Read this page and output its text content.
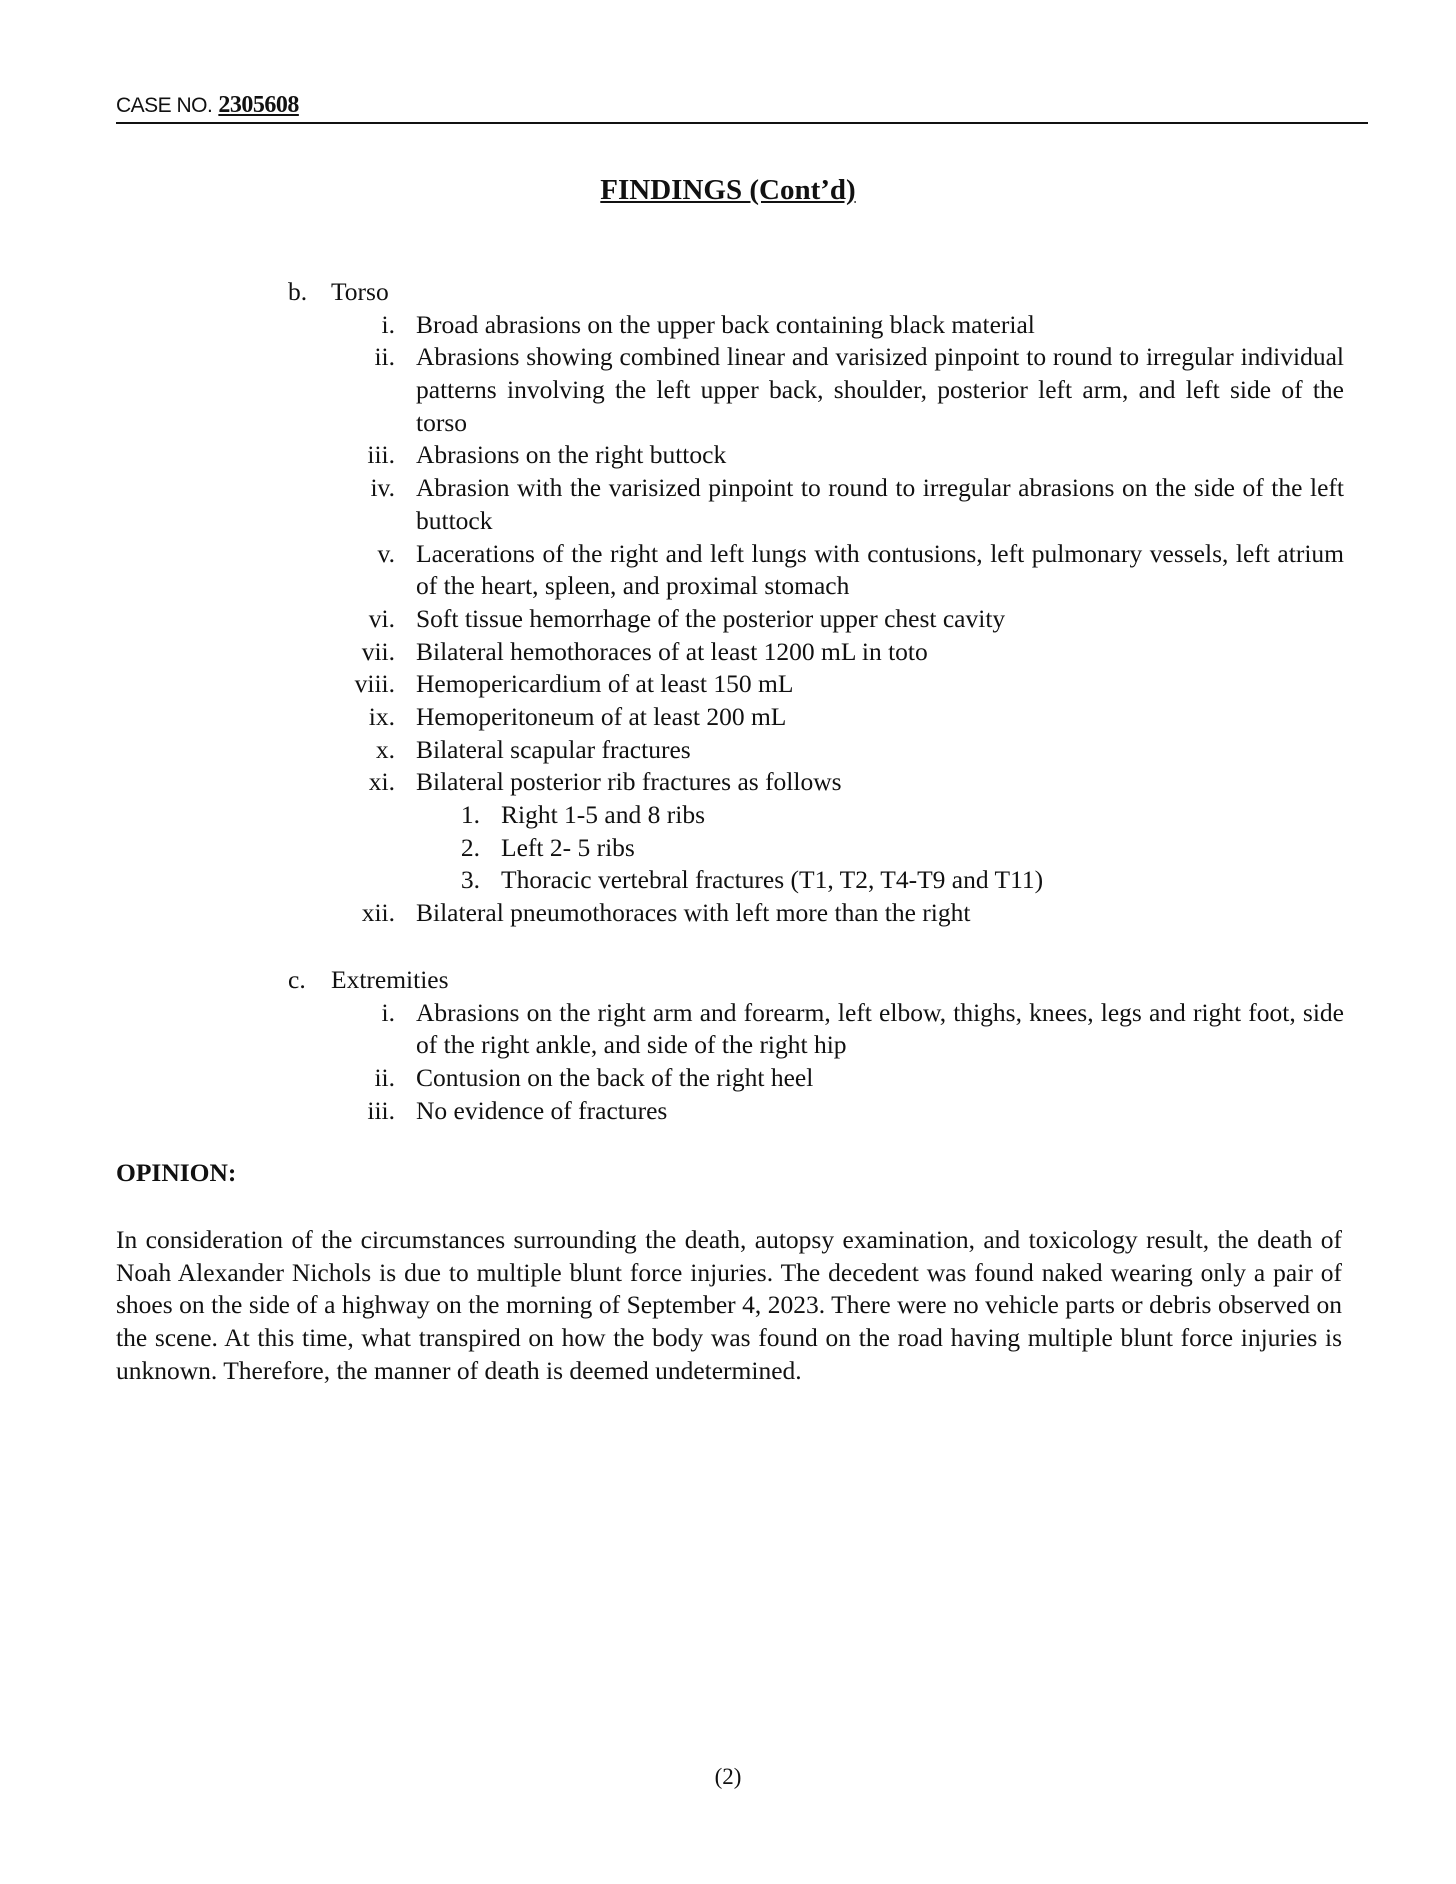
CASE NO. 2305608
FINDINGS (Cont’d)
b. Torso
i. Broad abrasions on the upper back containing black material
ii. Abrasions showing combined linear and varisized pinpoint to round to irregular individual patterns involving the left upper back, shoulder, posterior left arm, and left side of the torso
iii. Abrasions on the right buttock
iv. Abrasion with the varisized pinpoint to round to irregular abrasions on the side of the left buttock
v. Lacerations of the right and left lungs with contusions, left pulmonary vessels, left atrium of the heart, spleen, and proximal stomach
vi. Soft tissue hemorrhage of the posterior upper chest cavity
vii. Bilateral hemothoraces of at least 1200 mL in toto
viii. Hemopericardium of at least 150 mL
ix. Hemoperitoneum of at least 200 mL
x. Bilateral scapular fractures
xi. Bilateral posterior rib fractures as follows
1. Right 1-5 and 8 ribs
2. Left 2- 5 ribs
3. Thoracic vertebral fractures (T1, T2, T4-T9 and T11)
xii. Bilateral pneumothoraces with left more than the right
c. Extremities
i. Abrasions on the right arm and forearm, left elbow, thighs, knees, legs and right foot, side of the right ankle, and side of the right hip
ii. Contusion on the back of the right heel
iii. No evidence of fractures
OPINION:
In consideration of the circumstances surrounding the death, autopsy examination, and toxicology result, the death of Noah Alexander Nichols is due to multiple blunt force injuries. The decedent was found naked wearing only a pair of shoes on the side of a highway on the morning of September 4, 2023. There were no vehicle parts or debris observed on the scene. At this time, what transpired on how the body was found on the road having multiple blunt force injuries is unknown. Therefore, the manner of death is deemed undetermined.
(2)
